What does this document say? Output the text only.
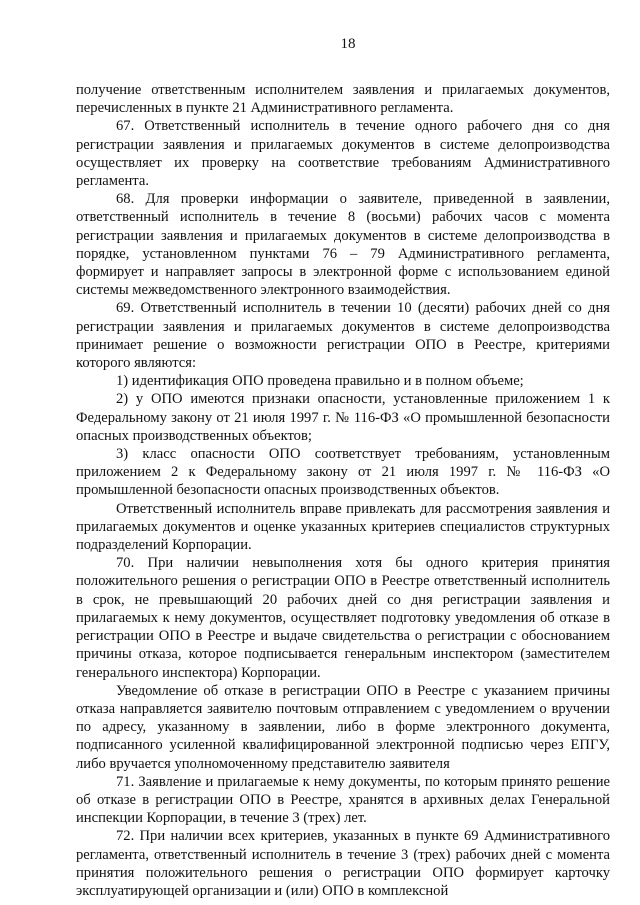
18

получение ответственным исполнителем заявления и прилагаемых документов, перечисленных в пункте 21 Административного регламента.

67. Ответственный исполнитель в течение одного рабочего дня со дня регистрации заявления и прилагаемых документов в системе делопроизводства осуществляет их проверку на соответствие требованиям Административного регламента.

68. Для проверки информации о заявителе, приведенной в заявлении, ответственный исполнитель в течение 8 (восьми) рабочих часов с момента регистрации заявления и прилагаемых документов в системе делопроизводства в порядке, установленном пунктами 76 – 79 Административного регламента, формирует и направляет запросы в электронной форме с использованием единой системы межведомственного электронного взаимодействия.

69. Ответственный исполнитель в течении 10 (десяти) рабочих дней со дня регистрации заявления и прилагаемых документов в системе делопроизводства принимает решение о возможности регистрации ОПО в Реестре, критериями которого являются:

1) идентификация ОПО проведена правильно и в полном объеме;

2) у ОПО имеются признаки опасности, установленные приложением 1 к Федеральному закону от 21 июля 1997 г. № 116-ФЗ «О промышленной безопасности опасных производственных объектов;

3) класс опасности ОПО соответствует требованиям, установленным приложением 2 к Федеральному закону от 21 июля 1997 г. № 116-ФЗ «О промышленной безопасности опасных производственных объектов.

Ответственный исполнитель вправе привлекать для рассмотрения заявления и прилагаемых документов и оценке указанных критериев специалистов структурных подразделений Корпорации.

70. При наличии невыполнения хотя бы одного критерия принятия положительного решения о регистрации ОПО в Реестре ответственный исполнитель в срок, не превышающий 20 рабочих дней со дня регистрации заявления и прилагаемых к нему документов, осуществляет подготовку уведомления об отказе в регистрации ОПО в Реестре и выдаче свидетельства о регистрации с обоснованием причины отказа, которое подписывается генеральным инспектором (заместителем генерального инспектора) Корпорации.

Уведомление об отказе в регистрации ОПО в Реестре с указанием причины отказа направляется заявителю почтовым отправлением с уведомлением о вручении по адресу, указанному в заявлении, либо в форме электронного документа, подписанного усиленной квалифицированной электронной подписью через ЕПГУ, либо вручается уполномоченному представителю заявителя

71. Заявление и прилагаемые к нему документы, по которым принято решение об отказе в регистрации ОПО в Реестре, хранятся в архивных делах Генеральной инспекции Корпорации, в течение 3 (трех) лет.

72. При наличии всех критериев, указанных в пункте 69 Административного регламента, ответственный исполнитель в течение 3 (трех) рабочих дней с момента принятия положительного решения о регистрации ОПО формирует карточку эксплуатирующей организации и (или) ОПО в комплексной
